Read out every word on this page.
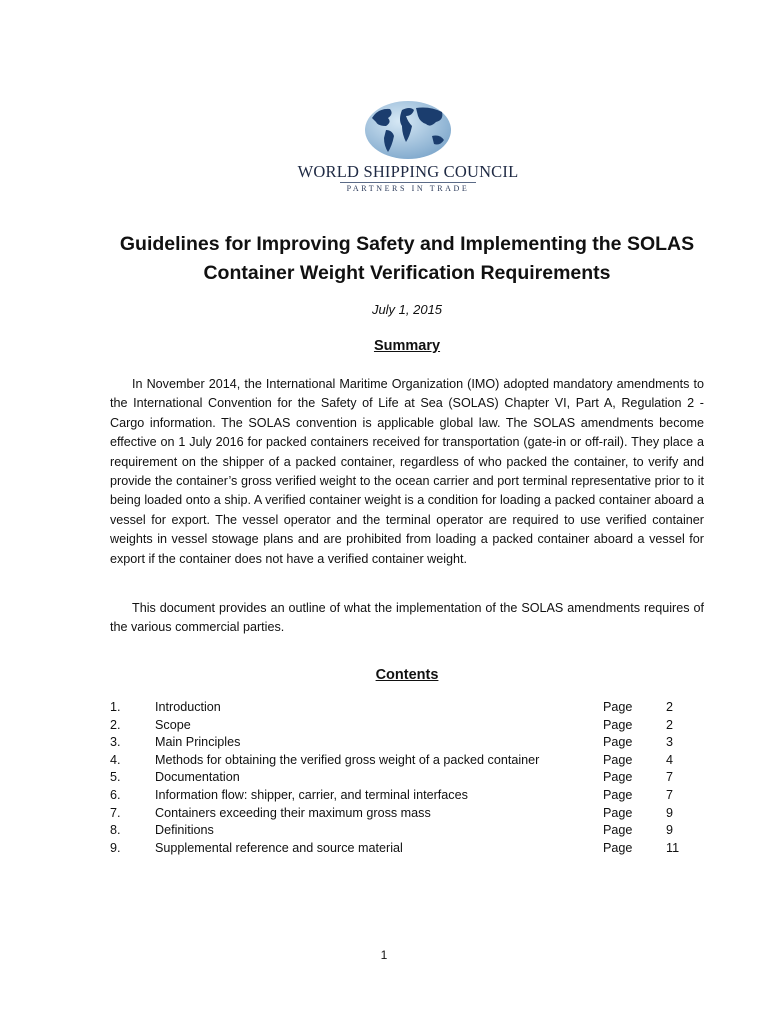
WORLD SHIPPING COUNCIL
PARTNERS IN TRADE
Guidelines for Improving Safety and Implementing the SOLAS Container Weight Verification Requirements
July 1, 2015
Summary

In November 2014, the International Maritime Organization (IMO) adopted mandatory amendments to the International Convention for the Safety of Life at Sea (SOLAS) Chapter VI, Part A, Regulation 2 - Cargo information. The SOLAS convention is applicable global law. The SOLAS amendments become effective on 1 July 2016 for packed containers received for transportation (gate-in or off-rail). They place a requirement on the shipper of a packed container, regardless of who packed the container, to verify and provide the container’s gross verified weight to the ocean carrier and port terminal representative prior to it being loaded onto a ship. A verified container weight is a condition for loading a packed container aboard a vessel for export. The vessel operator and the terminal operator are required to use verified container weights in vessel stowage plans and are prohibited from loading a packed container aboard a vessel for export if the container does not have a verified container weight.

This document provides an outline of what the implementation of the SOLAS amendments requires of the various commercial parties.

Contents
1.	Introduction	Page	2
2.	Scope	Page	2
3.	Main Principles	Page	3
4.	Methods for obtaining the verified gross weight of a packed container	Page	4
5.	Documentation	Page	7
6.	Information flow: shipper, carrier, and terminal interfaces	Page	7
7.	Containers exceeding their maximum gross mass	Page	9
8.	Definitions	Page	9
9.	Supplemental reference and source material	Page	11
1
